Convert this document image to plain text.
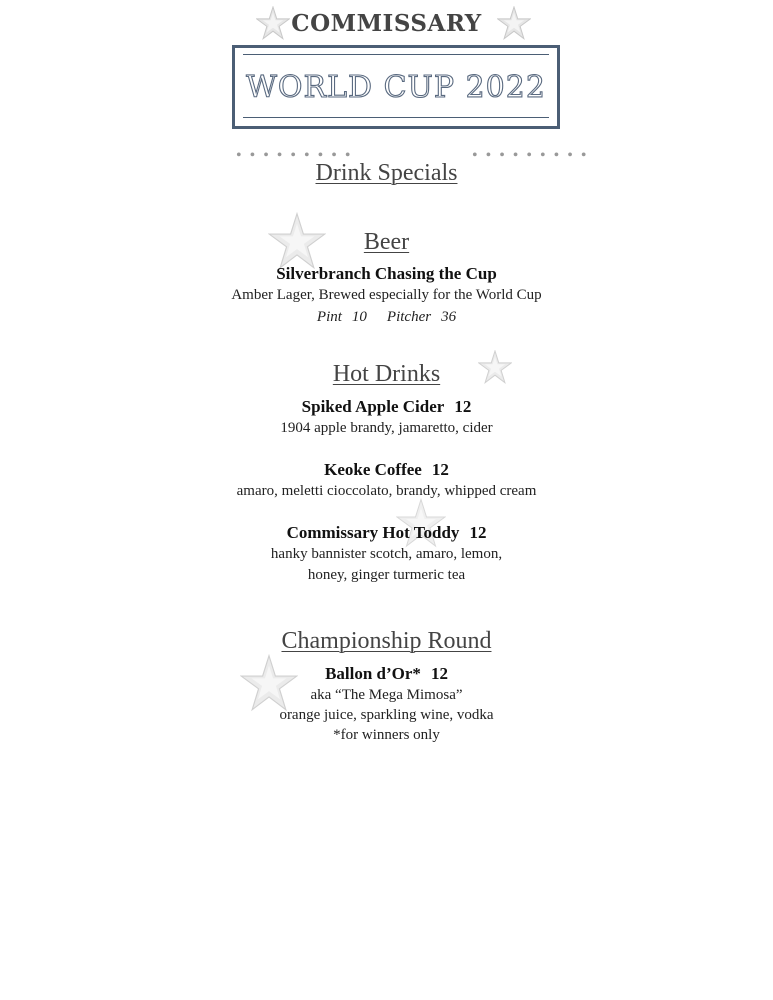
COMMISSARY
WORLD CUP 2022
• • • • • • • • •	• • • • • • • • •
Drink Specials
Beer
Silverbranch Chasing the Cup
Amber Lager, Brewed especially for the World Cup
Pint 10 Pitcher 36
Hot Drinks
Spiked Apple Cider 12
1904 apple brandy, jamaretto, cider
Keoke Coffee 12
amaro, meletti cioccolato, brandy, whipped cream
Commissary Hot Toddy 12
hanky bannister scotch, amaro, lemon,
honey, ginger turmeric tea
Championship Round
Ballon d’Or* 12
aka “The Mega Mimosa”
orange juice, sparkling wine, vodka
*for winners only
